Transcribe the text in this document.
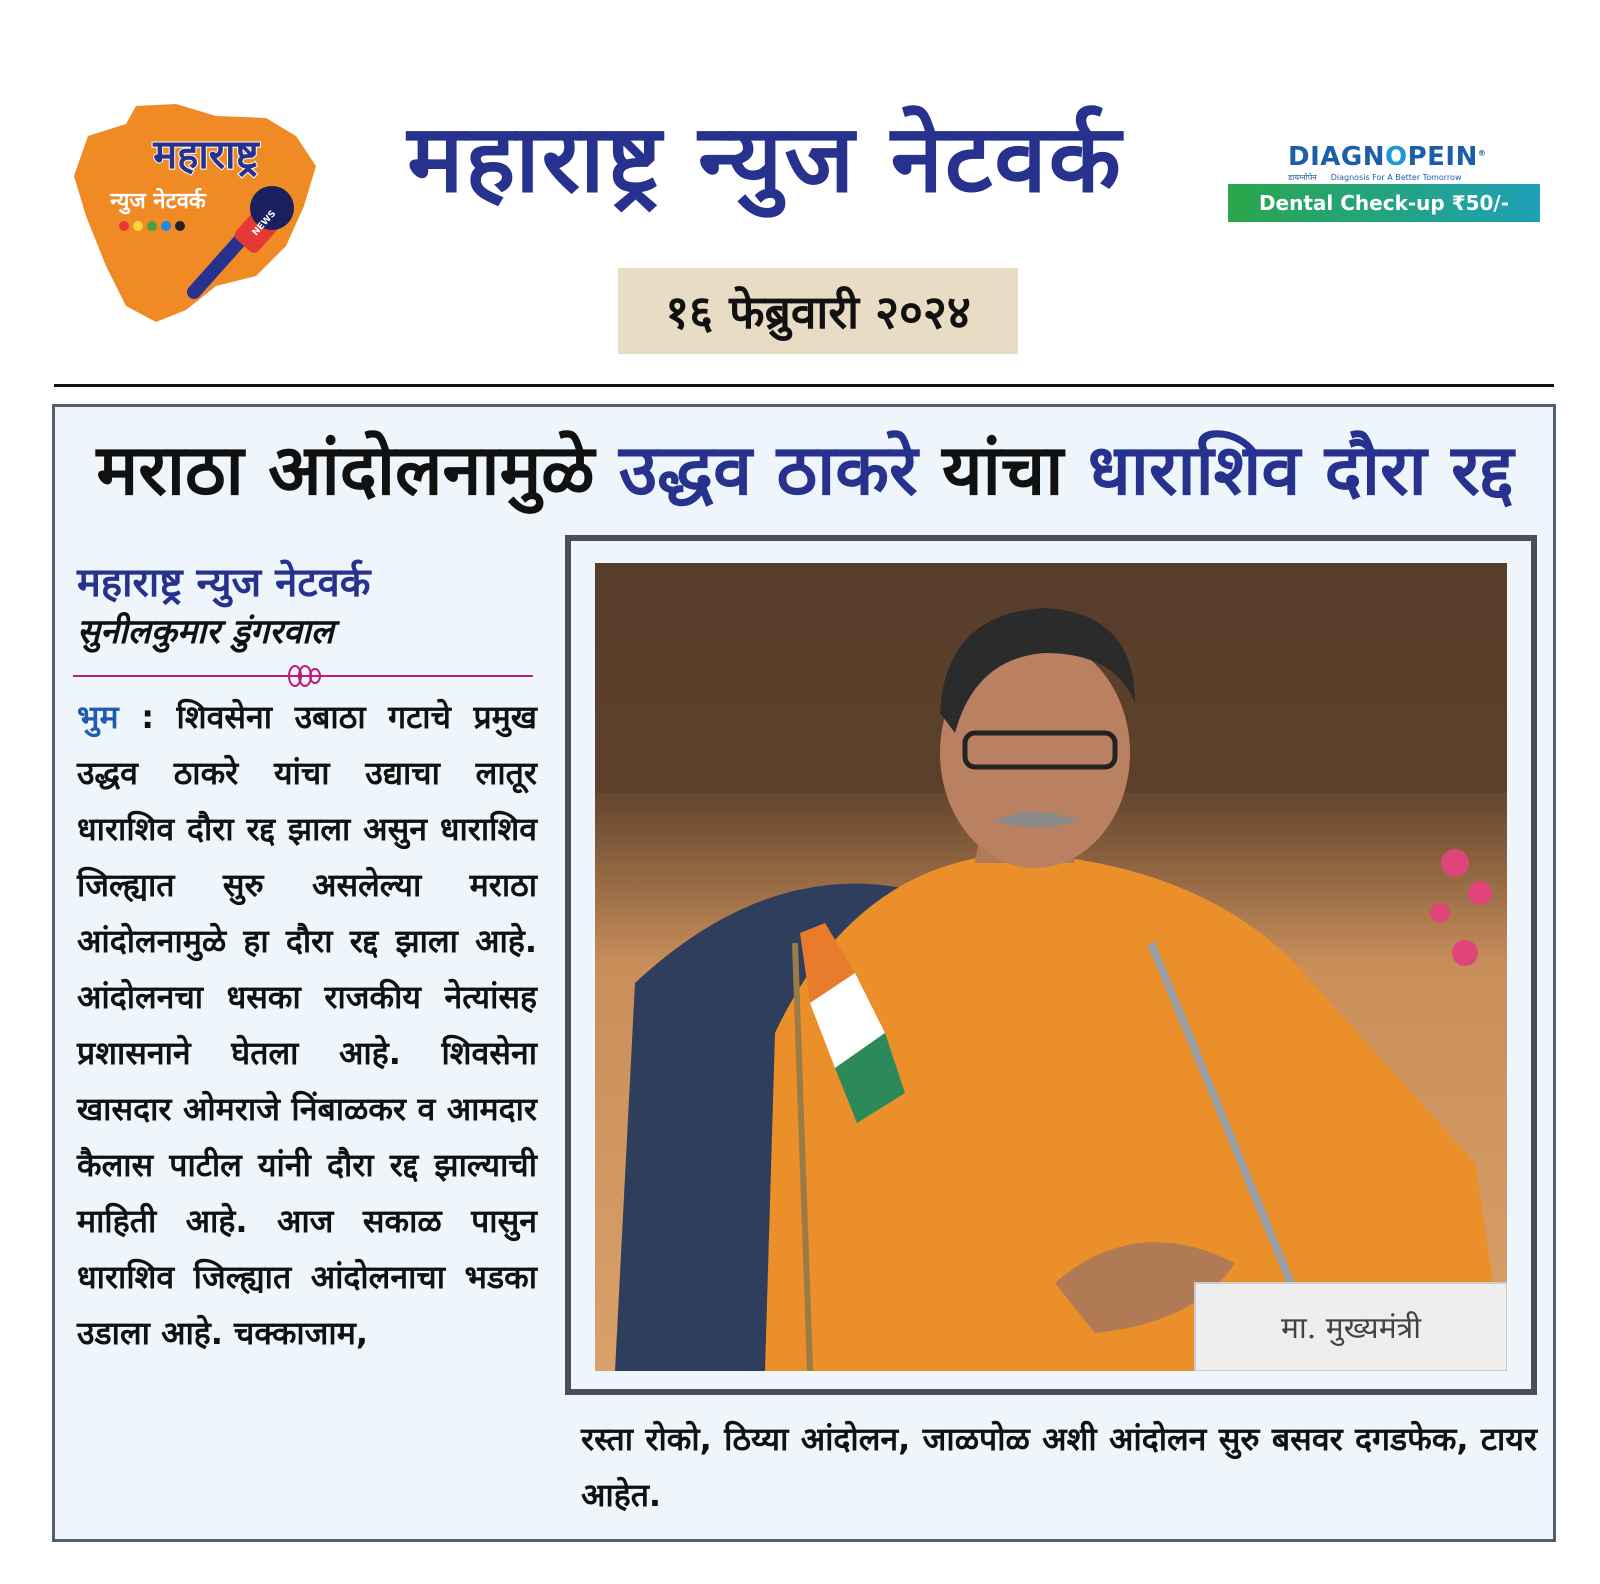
महाराष्ट्र
न्युज नेटवर्क
NEWS
महाराष्ट्र न्युज नेटवर्क
१६ फेब्रुवारी २०२४
DIAGNOPEIN®
डायग्नोपेन Diagnosis For A Better Tomorrow
Dental Check-up ₹50/-
मराठा आंदोलनामुळे उद्धव ठाकरे यांचा धाराशिव दौरा रद्द
महाराष्ट्र न्युज नेटवर्क
सुनीलकुमार डुंगरवाल
भुम : शिवसेना उबाठा गटाचे प्रमुख उद्धव ठाकरे यांचा उद्याचा लातूर धाराशिव दौरा रद्द झाला असुन धाराशिव जिल्ह्यात सुरु असलेल्या मराठा आंदोलनामुळे हा दौरा रद्द झाला आहे. आंदोलनचा धसका राजकीय नेत्यांसह प्रशासनाने घेतला आहे. शिवसेना खासदार ओमराजे निंबाळकर व आमदार कैलास पाटील यांनी दौरा रद्द झाल्याची माहिती आहे. आज सकाळ पासुन धाराशिव जिल्ह्यात आंदोलनाचा भडका उडाला आहे. चक्काजाम,	मा. मुख्यमंत्री
रस्ता रोको, ठिय्या आंदोलन, जाळपोळ अशी आंदोलन सुरु बसवर दगडफेक, टायर आहेत.
